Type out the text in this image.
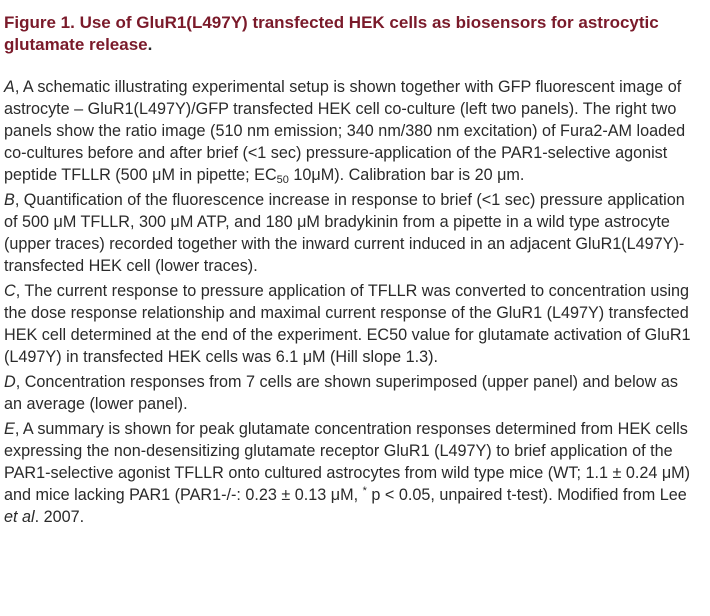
Figure 1. Use of GluR1(L497Y) transfected HEK cells as biosensors for astrocytic glutamate release.
A, A schematic illustrating experimental setup is shown together with GFP fluorescent image of astrocyte – GluR1(L497Y)/GFP transfected HEK cell co-culture (left two panels). The right two panels show the ratio image (510 nm emission; 340 nm/380 nm excitation) of Fura2-AM loaded co-cultures before and after brief (<1 sec) pressure-application of the PAR1-selective agonist peptide TFLLR (500 μM in pipette; $EC_{50}$ 10μM). Calibration bar is 20 μm.
B, Quantification of the fluorescence increase in response to brief (<1 sec) pressure application of 500 μM TFLLR, 300 μM ATP, and 180 μM bradykinin from a pipette in a wild type astrocyte (upper traces) recorded together with the inward current induced in an adjacent GluR1(L497Y)-transfected HEK cell (lower traces).
C, The current response to pressure application of TFLLR was converted to concentration using the dose response relationship and maximal current response of the GluR1 (L497Y) transfected HEK cell determined at the end of the experiment. EC50 value for glutamate activation of GluR1 (L497Y) in transfected HEK cells was 6.1 μM (Hill slope 1.3).
D, Concentration responses from 7 cells are shown superimposed (upper panel) and below as an average (lower panel).
E, A summary is shown for peak glutamate concentration responses determined from HEK cells expressing the non-desensitizing glutamate receptor GluR1 (L497Y) to brief application of the PAR1-selective agonist TFLLR onto cultured astrocytes from wild type mice (WT; 1.1 ± 0.24 μM) and mice lacking PAR1 (PAR1-/-: 0.23 ± 0.13 μM, * p < 0.05, unpaired t-test). Modified from Lee et al. 2007.
